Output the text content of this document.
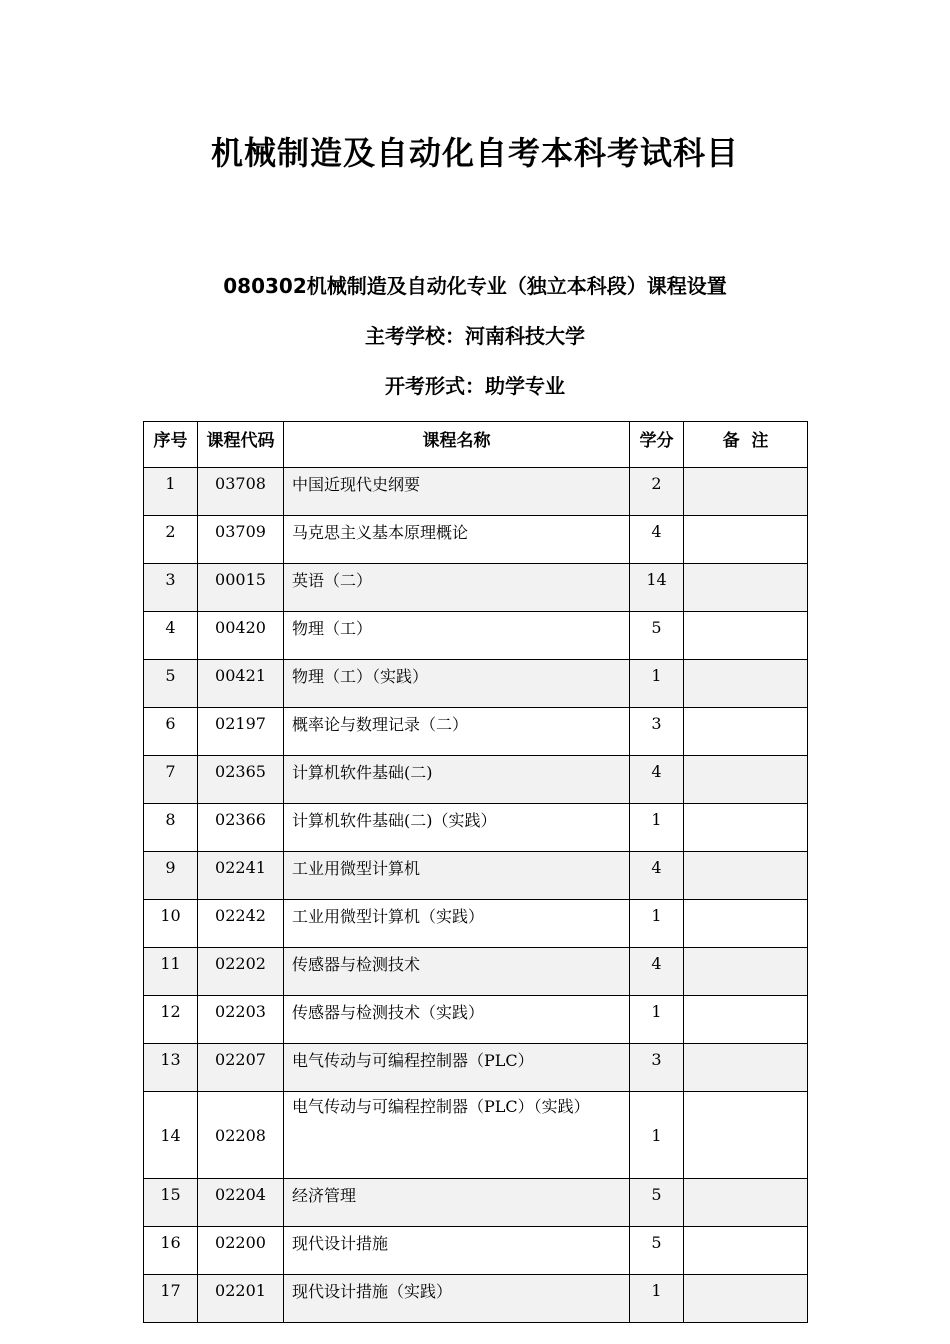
机械制造及自动化自考本科考试科目
080302机械制造及自动化专业（独立本科段）课程设置
主考学校：河南科技大学
开考形式：助学专业
序号	课程代码	课程名称	学分	备  注
1	03708	中国近现代史纲要	2	
2	03709	马克思主义基本原理概论	4	
3	00015	英语（二）	14	
4	00420	物理（工）	5	
5	00421	物理（工）（实践）	1	
6	02197	概率论与数理记录（二）	3	
7	02365	计算机软件基础(二)	4	
8	02366	计算机软件基础(二)（实践）	1	
9	02241	工业用微型计算机	4	
10	02242	工业用微型计算机（实践）	1	
11	02202	传感器与检测技术	4	
12	02203	传感器与检测技术（实践）	1	
13	02207	电气传动与可编程控制器（PLC）	3	
14	02208	电气传动与可编程控制器（PLC）（实践）	1	
15	02204	经济管理	5	
16	02200	现代设计措施	5	
17	02201	现代设计措施（实践）	1	
